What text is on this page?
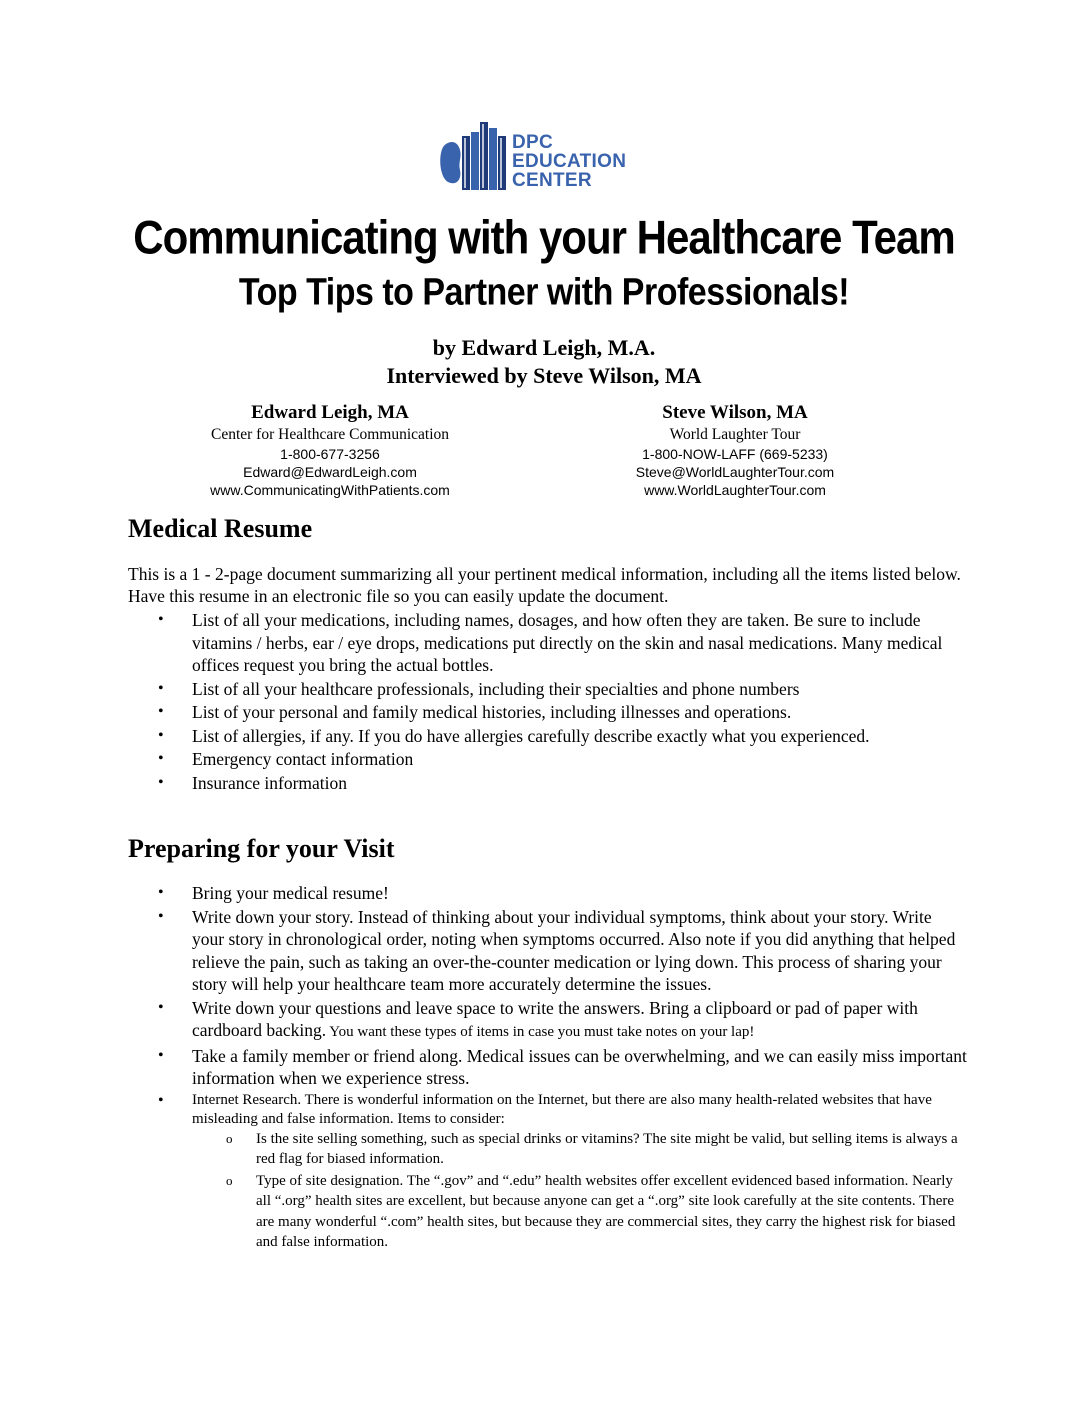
DPC
EDUCATION
CENTER
Communicating with your Healthcare Team
Top Tips to Partner with Professionals!
by Edward Leigh, M.A.
Interviewed by Steve Wilson, MA
Edward Leigh, MA
Center for Healthcare Communication
1-800-677-3256
Edward@EdwardLeigh.com
www.CommunicatingWithPatients.com
Steve Wilson, MA
World Laughter Tour
1-800-NOW-LAFF (669-5233)
Steve@WorldLaughterTour.com
www.WorldLaughterTour.com
Medical Resume
This is a 1 - 2-page document summarizing all your pertinent medical information, including all the items listed below. Have this resume in an electronic file so you can easily update the document.
• List of all your medications, including names, dosages, and how often they are taken. Be sure to include vitamins / herbs, ear / eye drops, medications put directly on the skin and nasal medications. Many medical offices request you bring the actual bottles.
• List of all your healthcare professionals, including their specialties and phone numbers
• List of your personal and family medical histories, including illnesses and operations.
• List of allergies, if any. If you do have allergies carefully describe exactly what you experienced.
• Emergency contact information
• Insurance information
Preparing for your Visit
• Bring your medical resume!
• Write down your story. Instead of thinking about your individual symptoms, think about your story. Write your story in chronological order, noting when symptoms occurred. Also note if you did anything that helped relieve the pain, such as taking an over-the-counter medication or lying down. This process of sharing your story will help your healthcare team more accurately determine the issues.
• Write down your questions and leave space to write the answers. Bring a clipboard or pad of paper with cardboard backing. You want these types of items in case you must take notes on your lap!
• Take a family member or friend along. Medical issues can be overwhelming, and we can easily miss important information when we experience stress.
• Internet Research. There is wonderful information on the Internet, but there are also many health-related websites that have misleading and false information. Items to consider:
o Is the site selling something, such as special drinks or vitamins? The site might be valid, but selling items is always a red flag for biased information.
o Type of site designation. The “.gov” and “.edu” health websites offer excellent evidenced based information. Nearly all “.org” health sites are excellent, but because anyone can get a “.org” site look carefully at the site contents. There are many wonderful “.com” health sites, but because they are commercial sites, they carry the highest risk for biased and false information.
